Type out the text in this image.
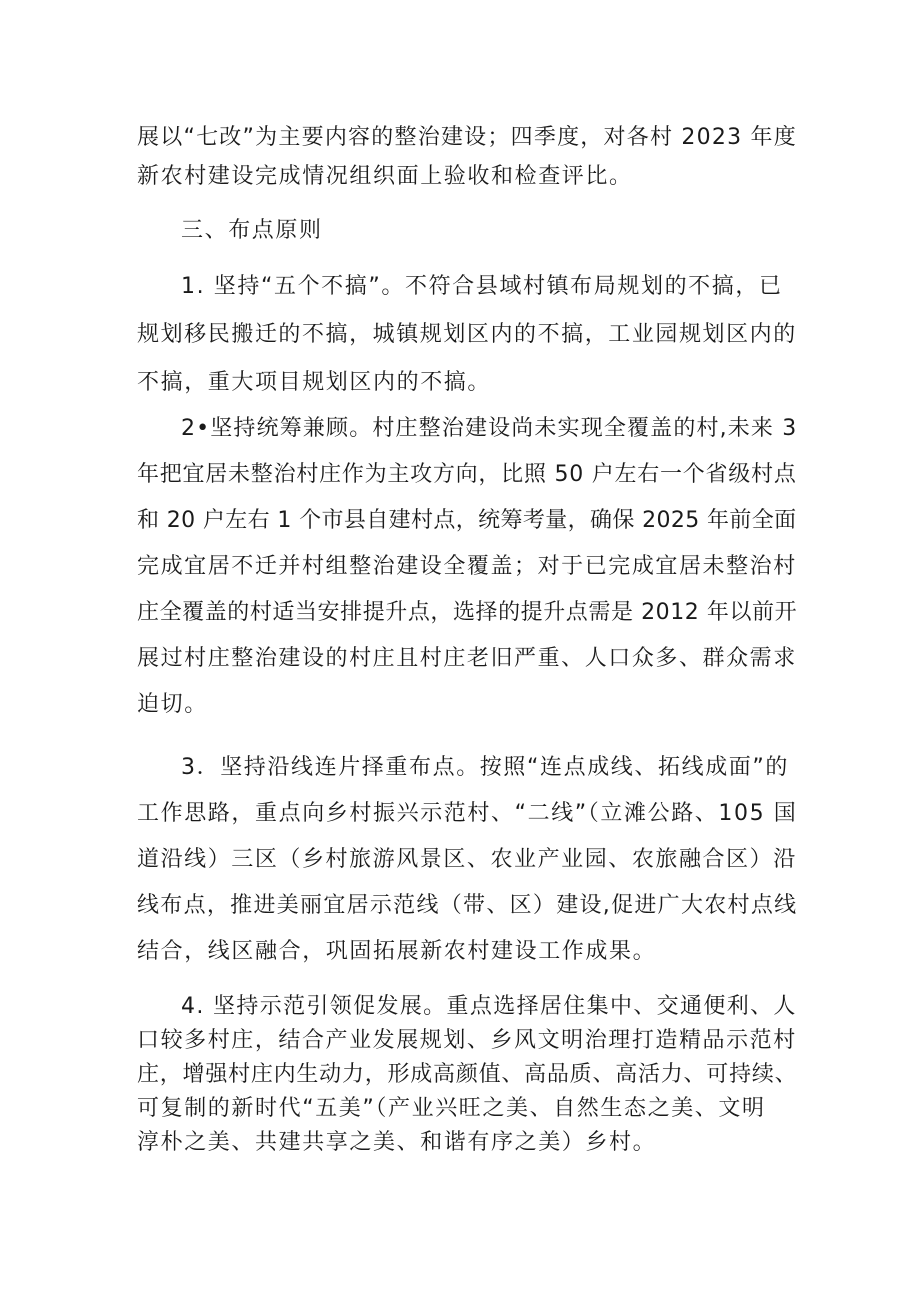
展以“七改”为主要内容的整治建设；四季度，对各村 2023 年度
新农村建设完成情况组织面上验收和检查评比。
三、布点原则
1. 坚持“五个不搞”。不符合县域村镇布局规划的不搞，已
规划移民搬迁的不搞，城镇规划区内的不搞，工业园规划区内的
不搞，重大项目规划区内的不搞。
2•坚持统筹兼顾。村庄整治建设尚未实现全覆盖的村,未来 3
年把宜居未整治村庄作为主攻方向，比照 50 户左右一个省级村点
和 20 户左右 1 个市县自建村点，统筹考量，确保 2025 年前全面
完成宜居不迁并村组整治建设全覆盖；对于已完成宜居未整治村
庄全覆盖的村适当安排提升点，选择的提升点需是 2012 年以前开
展过村庄整治建设的村庄且村庄老旧严重、人口众多、群众需求
迫切。
3．坚持沿线连片择重布点。按照“连点成线、拓线成面”的
工作思路，重点向乡村振兴示范村、“二线”（立滩公路、105 国
道沿线）三区（乡村旅游风景区、农业产业园、农旅融合区）沿
线布点，推进美丽宜居示范线（带、区）建设,促进广大农村点线
结合，线区融合，巩固拓展新农村建设工作成果。
4. 坚持示范引领促发展。重点选择居住集中、交通便利、人
口较多村庄，结合产业发展规划、乡风文明治理打造精品示范村
庄，增强村庄内生动力，形成高颜值、高品质、高活力、可持续、
可复制的新时代“五美”（产业兴旺之美、自然生态之美、文明
淳朴之美、共建共享之美、和谐有序之美）乡村。
